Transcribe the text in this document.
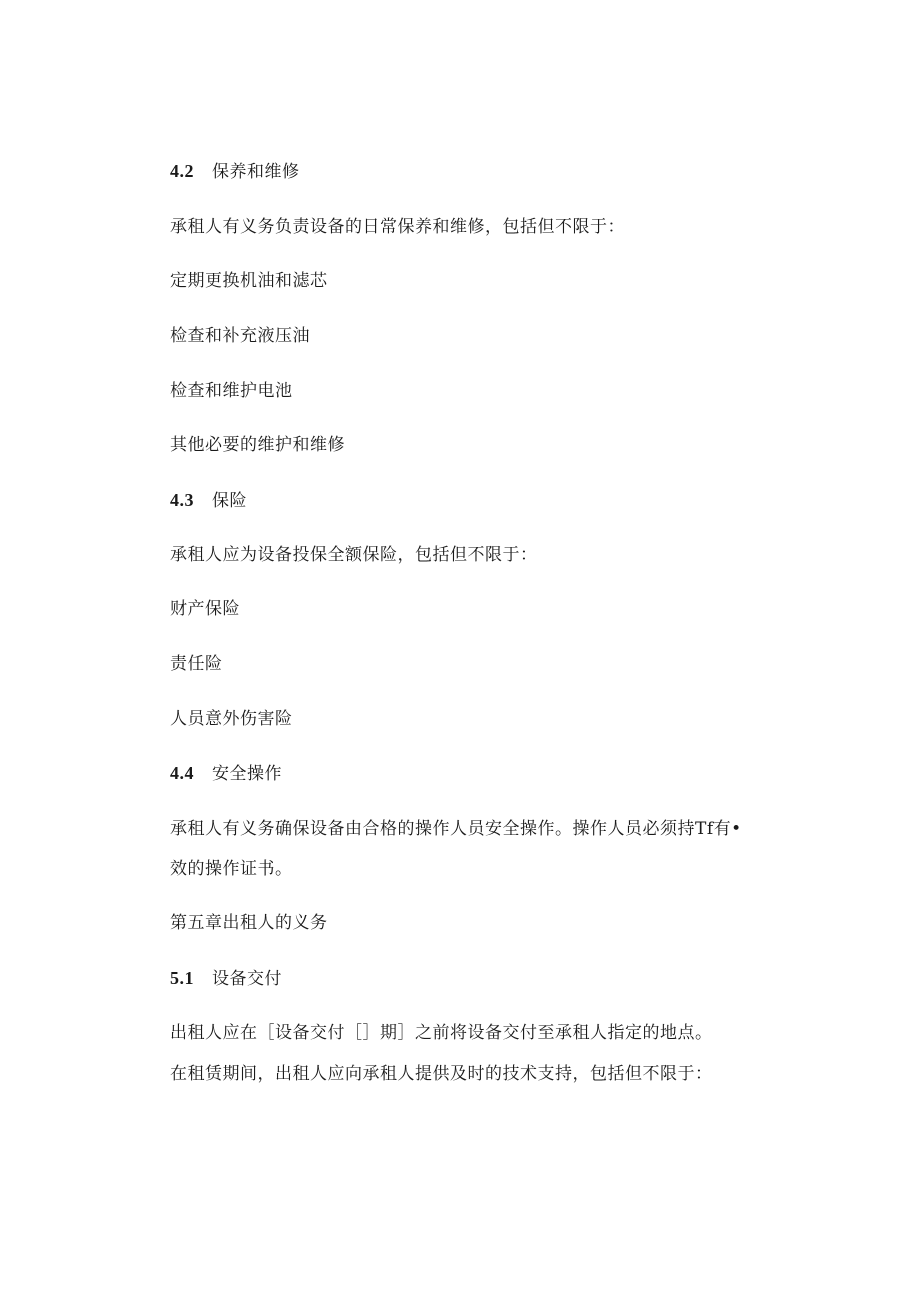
4.2 保养和维修
承租人有义务负责设备的日常保养和维修，包括但不限于：
定期更换机油和滤芯
检查和补充液压油
检查和维护电池
其他必要的维护和维修
4.3 保险
承租人应为设备投保全额保险，包括但不限于：
财产保险
责任险
人员意外伤害险
4.4 安全操作
承租人有义务确保设备由合格的操作人员安全操作。操作人员必须持Tf有•
效的操作证书。
第五章出租人的义务
5.1 设备交付
出租人应在［设备交付［］期］之前将设备交付至承租人指定的地点。
在租赁期间，出租人应向承租人提供及时的技术支持，包括但不限于：
